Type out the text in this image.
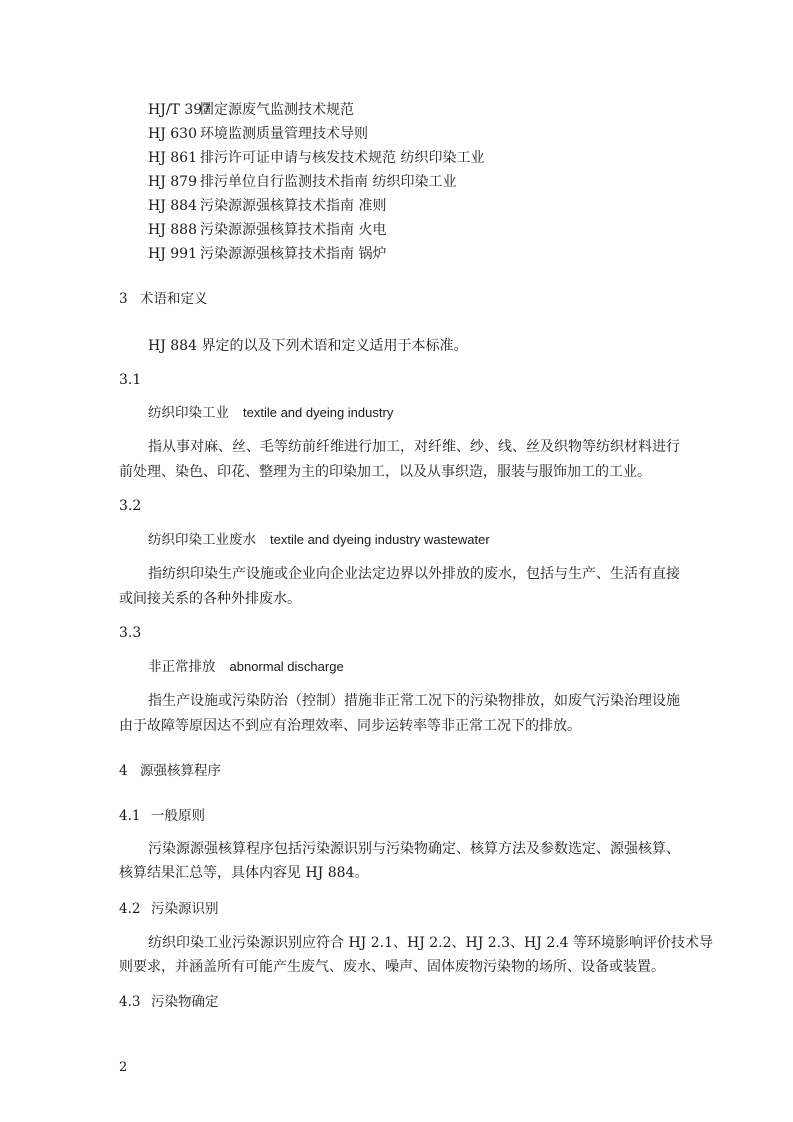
HJ/T 397固定源废气监测技术规范
HJ 630 环境监测质量管理技术导则
HJ 861 排污许可证申请与核发技术规范 纺织印染工业
HJ 879 排污单位自行监测技术指南 纺织印染工业
HJ 884 污染源源强核算技术指南 准则
HJ 888 污染源源强核算技术指南 火电
HJ 991 污染源源强核算技术指南 锅炉
3 术语和定义
HJ 884 界定的以及下列术语和定义适用于本标准。
3.1
纺织印染工业 textile and dyeing industry
指从事对麻、丝、毛等纺前纤维进行加工，对纤维、纱、线、丝及织物等纺织材料进行
前处理、染色、印花、整理为主的印染加工，以及从事织造，服装与服饰加工的工业。
3.2
纺织印染工业废水 textile and dyeing industry wastewater
指纺织印染生产设施或企业向企业法定边界以外排放的废水，包括与生产、生活有直接
或间接关系的各种外排废水。
3.3
非正常排放 abnormal discharge
指生产设施或污染防治（控制）措施非正常工况下的污染物排放，如废气污染治理设施
由于故障等原因达不到应有治理效率、同步运转率等非正常工况下的排放。
4 源强核算程序
4.1 一般原则
污染源源强核算程序包括污染源识别与污染物确定、核算方法及参数选定、源强核算、
核算结果汇总等，具体内容见 HJ 884。
4.2 污染源识别
纺织印染工业污染源识别应符合 HJ 2.1、HJ 2.2、HJ 2.3、HJ 2.4 等环境影响评价技术导
则要求，并涵盖所有可能产生废气、废水、噪声、固体废物污染物的场所、设备或装置。
4.3 污染物确定
2
